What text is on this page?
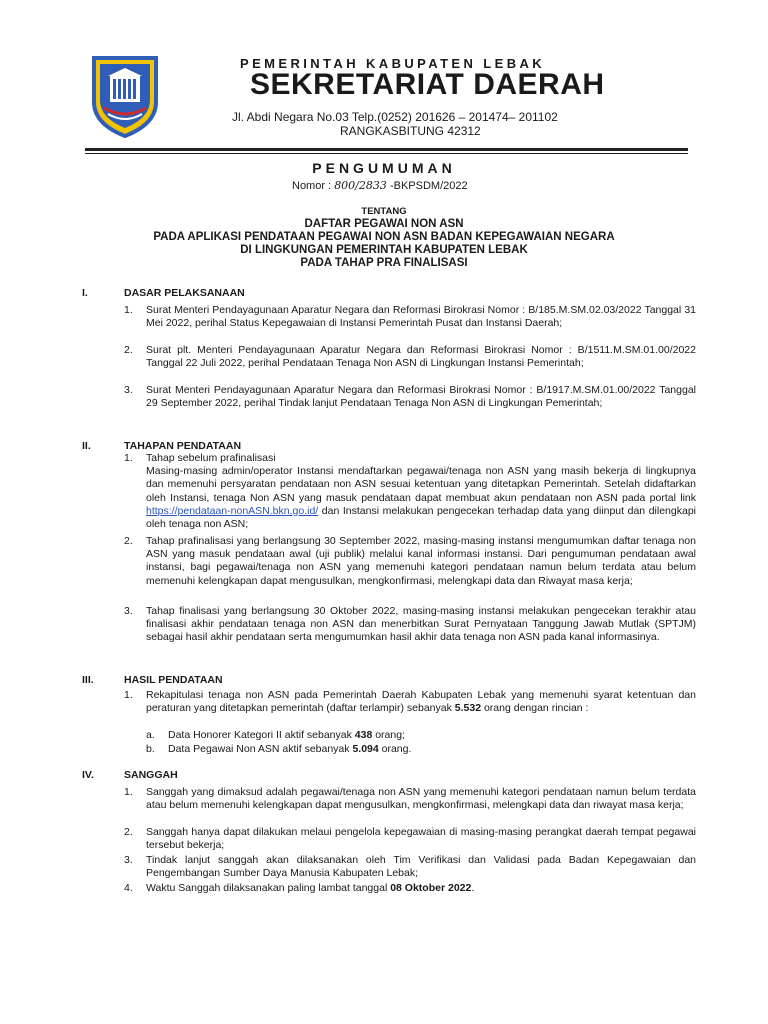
PEMERINTAH KABUPATEN LEBAK
SEKRETARIAT DAERAH
Jl. Abdi Negara No.03 Telp.(0252) 201626 – 201474– 201102
RANGKASBITUNG 42312
PENGUMUMAN
Nomor : 800/2833 -BKPSDM/2022
TENTANG
DAFTAR PEGAWAI NON ASN
PADA APLIKASI PENDATAAN PEGAWAI NON ASN BADAN KEPEGAWAIAN NEGARA
DI LINGKUNGAN PEMERINTAH KABUPATEN LEBAK
PADA TAHAP PRA FINALISASI
I.	DASAR PELAKSANAAN
1. Surat Menteri Pendayagunaan Aparatur Negara dan Reformasi Birokrasi Nomor : B/185.M.SM.02.03/2022 Tanggal 31 Mei 2022, perihal Status Kepegawaian di Instansi Pemerintah Pusat dan Instansi Daerah;
2. Surat plt. Menteri Pendayagunaan Aparatur Negara dan Reformasi Birokrasi Nomor : B/1511.M.SM.01.00/2022 Tanggal 22 Juli 2022, perihal Pendataan Tenaga Non ASN di Lingkungan Instansi Pemerintah;
3. Surat Menteri Pendayagunaan Aparatur Negara dan Reformasi Birokrasi Nomor : B/1917.M.SM.01.00/2022 Tanggal 29 September 2022, perihal Tindak lanjut Pendataan Tenaga Non ASN di Lingkungan Pemerintah;
II.	TAHAPAN PENDATAAN
1. Tahap sebelum prafinalisasi
Masing-masing admin/operator Instansi mendaftarkan pegawai/tenaga non ASN yang masih bekerja di lingkupnya dan memenuhi persyaratan pendataan non ASN sesuai ketentuan yang ditetapkan Pemerintah. Setelah didaftarkan oleh Instansi, tenaga Non ASN yang masuk pendataan dapat membuat akun pendataan non ASN pada portal link https://pendataan-nonASN.bkn.go.id/ dan Instansi melakukan pengecekan terhadap data yang diinput dan dilengkapi oleh tenaga non ASN;
2. Tahap prafinalisasi yang berlangsung 30 September 2022, masing-masing instansi mengumumkan daftar tenaga non ASN yang masuk pendataan awal (uji publik) melalui kanal informasi instansi. Dari pengumuman pendataan awal instansi, bagi pegawai/tenaga non ASN yang memenuhi kategori pendataan namun belum terdata atau belum memenuhi kelengkapan dapat mengusulkan, mengkonfirmasi, melengkapi data dan Riwayat masa kerja;
3. Tahap finalisasi yang berlangsung 30 Oktober 2022, masing-masing instansi melakukan pengecekan terakhir atau finalisasi akhir pendataan tenaga non ASN dan menerbitkan Surat Pernyataan Tanggung Jawab Mutlak (SPTJM) sebagai hasil akhir pendataan serta mengumumkan hasil akhir data tenaga non ASN pada kanal informasinya.
III.	HASIL PENDATAAN
1. Rekapitulasi tenaga non ASN pada Pemerintah Daerah Kabupaten Lebak yang memenuhi syarat ketentuan dan peraturan yang ditetapkan pemerintah (daftar terlampir) sebanyak 5.532 orang dengan rincian :
a. Data Honorer Kategori II aktif sebanyak 438 orang;
b. Data Pegawai Non ASN aktif sebanyak 5.094 orang.
IV.	SANGGAH
1. Sanggah yang dimaksud adalah pegawai/tenaga non ASN yang memenuhi kategori pendataan namun belum terdata atau belum memenuhi kelengkapan dapat mengusulkan, mengkonfirmasi, melengkapi data dan riwayat masa kerja;
2. Sanggah hanya dapat dilakukan melaui pengelola kepegawaian di masing-masing perangkat daerah tempat pegawai tersebut bekerja;
3. Tindak lanjut sanggah akan dilaksanakan oleh Tim Verifikasi dan Validasi pada Badan Kepegawaian dan Pengembangan Sumber Daya Manusia Kabupaten Lebak;
4. Waktu Sanggah dilaksanakan paling lambat tanggal 08 Oktober 2022.
